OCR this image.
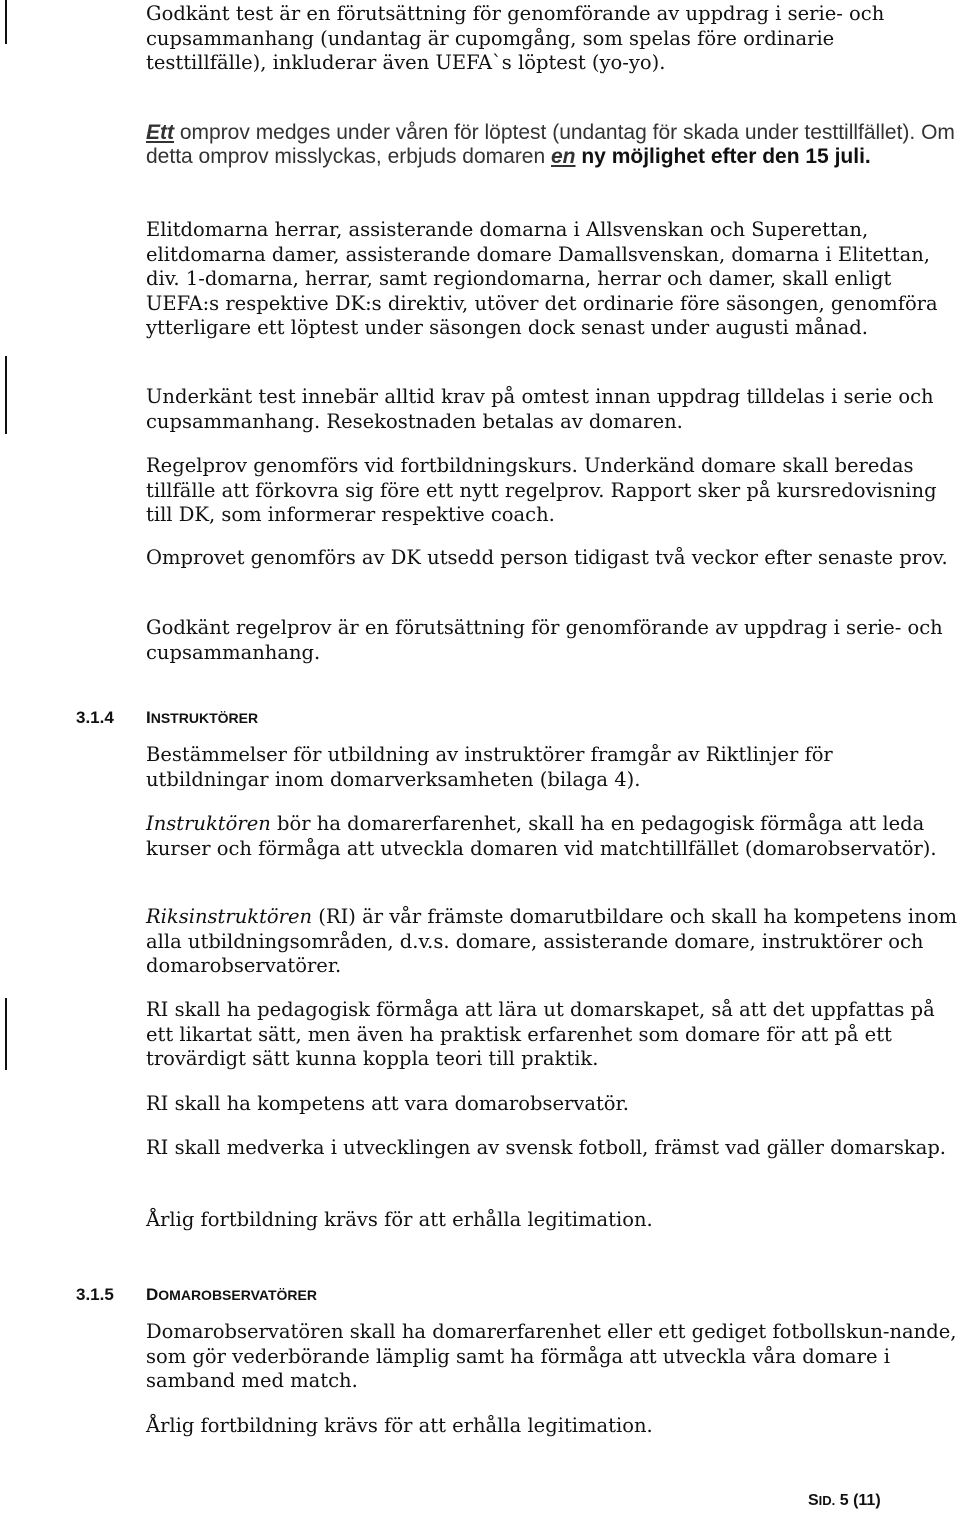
Godkänt test är en förutsättning för genomförande av uppdrag i serie- och cupsammanhang (undantag är cupomgång, som spelas före ordinarie testtillfälle), inkluderar även UEFA`s löptest (yo-yo).

Ett omprov medges under våren för löptest (undantag för skada under testtillfället). Om detta omprov misslyckas, erbjuds domaren en ny möjlighet efter den 15 juli.

Elitdomarna herrar, assisterande domarna i Allsvenskan och Superettan, elitdomarna damer, assisterande domare Damallsvenskan, domarna i Elitettan, div. 1-domarna, herrar, samt regiondomarna, herrar och damer, skall enligt UEFA:s respektive DK:s direktiv, utöver det ordinarie före säsongen, genomföra ytterligare ett löptest under säsongen dock senast under augusti månad.

Underkänt test innebär alltid krav på omtest innan uppdrag tilldelas i serie och cupsammanhang. Resekostnaden betalas av domaren.

Regelprov genomförs vid fortbildningskurs. Underkänd domare skall beredas tillfälle att förkovra sig före ett nytt regelprov. Rapport sker på kursredovisning till DK, som informerar respektive coach.

Omprovet genomförs av DK utsedd person tidigast två veckor efter senaste prov.

Godkänt regelprov är en förutsättning för genomförande av uppdrag i serie- och cupsammanhang.

3.1.4 INSTRUKTÖRER

Bestämmelser för utbildning av instruktörer framgår av Riktlinjer för utbildningar inom domarverksamheten (bilaga 4).

Instruktören bör ha domarerfarenhet, skall ha en pedagogisk förmåga att leda kurser och förmåga att utveckla domaren vid matchtillfället (domarobservatör).

Riksinstruktören (RI) är vår främste domarutbildare och skall ha kompetens inom alla utbildningsområden, d.v.s. domare, assisterande domare, instruktörer och domarobservatörer.

RI skall ha pedagogisk förmåga att lära ut domarskapet, så att det uppfattas på ett likartat sätt, men även ha praktisk erfarenhet som domare för att på ett trovärdigt sätt kunna koppla teori till praktik.

RI skall ha kompetens att vara domarobservatör.

RI skall medverka i utvecklingen av svensk fotboll, främst vad gäller domarskap.

Årlig fortbildning krävs för att erhålla legitimation.

3.1.5 DOMAROBSERVATÖRER

Domarobservatören skall ha domarerfarenhet eller ett gediget fotbollskun-nande, som gör vederbörande lämplig samt ha förmåga att utveckla våra domare i samband med match.

Årlig fortbildning krävs för att erhålla legitimation.

SID. 5 (11)
